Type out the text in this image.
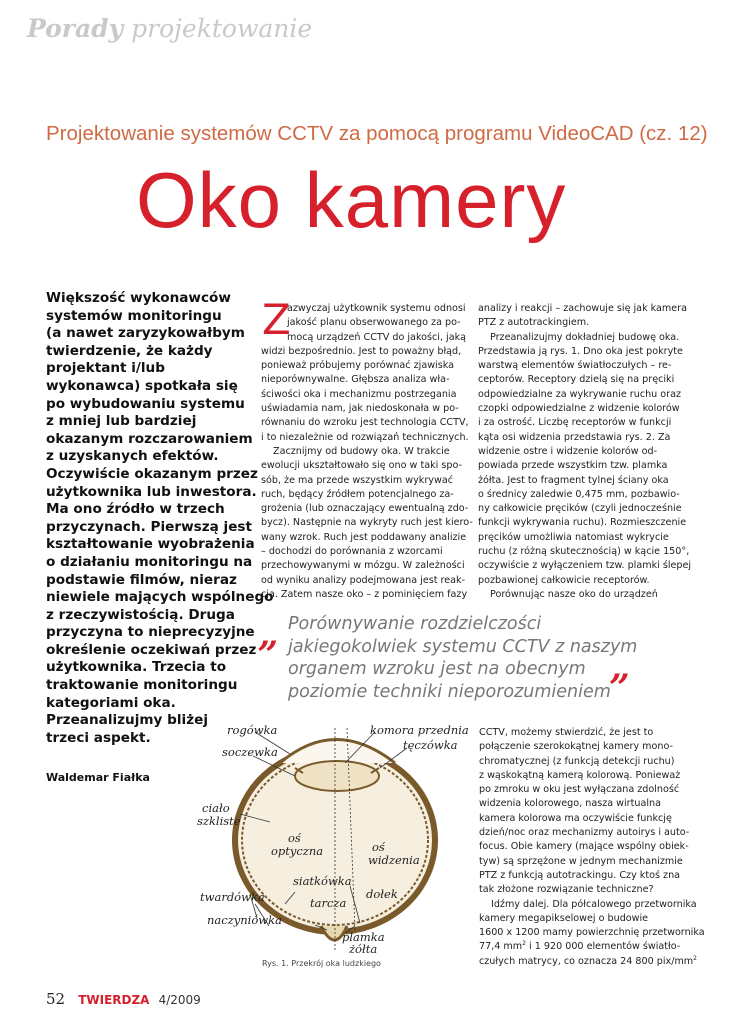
Porady projektowanie
Projektowanie systemów CCTV za pomocą programu VideoCAD (cz. 12)
Oko kamery
Większość wykonawców
systemów monitoringu
(a nawet zaryzykowałbym
twierdzenie, że każdy
projektant i/lub
wykonawca) spotkała się
po wybudowaniu systemu
z mniej lub bardziej
okazanym rozczarowaniem
z uzyskanych efektów.
Oczywiście okazanym przez
użytkownika lub inwestora.
Ma ono źródło w trzech
przyczynach. Pierwszą jest
kształtowanie wyobrażenia
o działaniu monitoringu na
podstawie filmów, nieraz
niewiele mających wspólnego
z rzeczywistością. Druga
przyczyna to nieprecyzyjne
określenie oczekiwań przez
użytkownika. Trzecia to
traktowanie monitoringu
kategoriami oka.
Przeanalizujmy bliżej
trzeci aspekt.
Waldemar Fiałka
Z
azwyczaj użytkownik systemu odnosi
jakość planu obserwowanego za po-
mocą urządzeń CCTV do jakości, jaką
widzi bezpośrednio. Jest to poważny błąd,
ponieważ próbujemy porównać zjawiska
nieporównywalne. Głębsza analiza wła-
ściwości oka i mechanizmu postrzegania
uświadamia nam, jak niedoskonała w po-
równaniu do wzroku jest technologia CCTV,
i to niezależnie od rozwiązań technicznych.
Zacznijmy od budowy oka. W trakcie
ewolucji ukształtowało się ono w taki spo-
sób, że ma przede wszystkim wykrywać
ruch, będący źródłem potencjalnego za-
grożenia (lub oznaczający ewentualną zdo-
bycz). Następnie na wykryty ruch jest kiero-
wany wzrok. Ruch jest poddawany analizie
– dochodzi do porównania z wzorcami
przechowywanymi w mózgu. W zależności
od wyniku analizy podejmowana jest reak-
cja. Zatem nasze oko – z pominięciem fazy
analizy i reakcji – zachowuje się jak kamera
PTZ z autotrackingiem.
Przeanalizujmy dokładniej budowę oka.
Przedstawia ją rys. 1. Dno oka jest pokryte
warstwą elementów światłoczułych – re-
ceptorów. Receptory dzielą się na pręciki
odpowiedzialne za wykrywanie ruchu oraz
czopki odpowiedzialne z widzenie kolorów
i za ostrość. Liczbę receptorów w funkcji
kąta osi widzenia przedstawia rys. 2. Za
widzenie ostre i widzenie kolorów od-
powiada przede wszystkim tzw. plamka
żółta. Jest to fragment tylnej ściany oka
o średnicy zaledwie 0,475 mm, pozbawio-
ny całkowicie pręcików (czyli jednocześnie
funkcji wykrywania ruchu). Rozmieszczenie
pręcików umożliwia natomiast wykrycie
ruchu (z różną skutecznością) w kącie 150°,
oczywiście z wyłączeniem tzw. plamki ślepej
pozbawionej całkowicie receptorów.
Porównując nasze oko do urządzeń
„ Porównywanie rozdzielczości
jakiegokolwiek systemu CCTV z naszym
organem wzroku jest na obecnym
poziomie techniki nieporozumieniem
”
rogówka	komora przednia
tęczówka
soczewka
ciało
szkliste
oś
optyczna	oś
widzenia
siatkówka
dołek
twardówka	tarcza
naczyniówka
plamka
żółta
Rys. 1. Przekrój oka ludzkiego
CCTV, możemy stwierdzić, że jest to
połączenie szerokokątnej kamery mono-
chromatycznej (z funkcją detekcji ruchu)
z wąskokątną kamerą kolorową. Ponieważ
po zmroku w oku jest wyłączana zdolność
widzenia kolorowego, nasza wirtualna
kamera kolorowa ma oczywiście funkcję
dzień/noc oraz mechanizmy autoirys i auto-
focus. Obie kamery (mające wspólny obiek-
tyw) są sprzężone w jednym mechanizmie
PTZ z funkcją autotrackingu. Czy ktoś zna
tak złożone rozwiązanie techniczne?
Idźmy dalej. Dla półcalowego przetwornika
kamery megapikselowej o budowie
1600 x 1200 mamy powierzchnię przetwornika
77,4 $mm^2$ i 1 920 000 elementów światło-
czułych matrycy, co oznacza 24 800 pix/$mm^2$
52 TWIERDZA 4/2009
